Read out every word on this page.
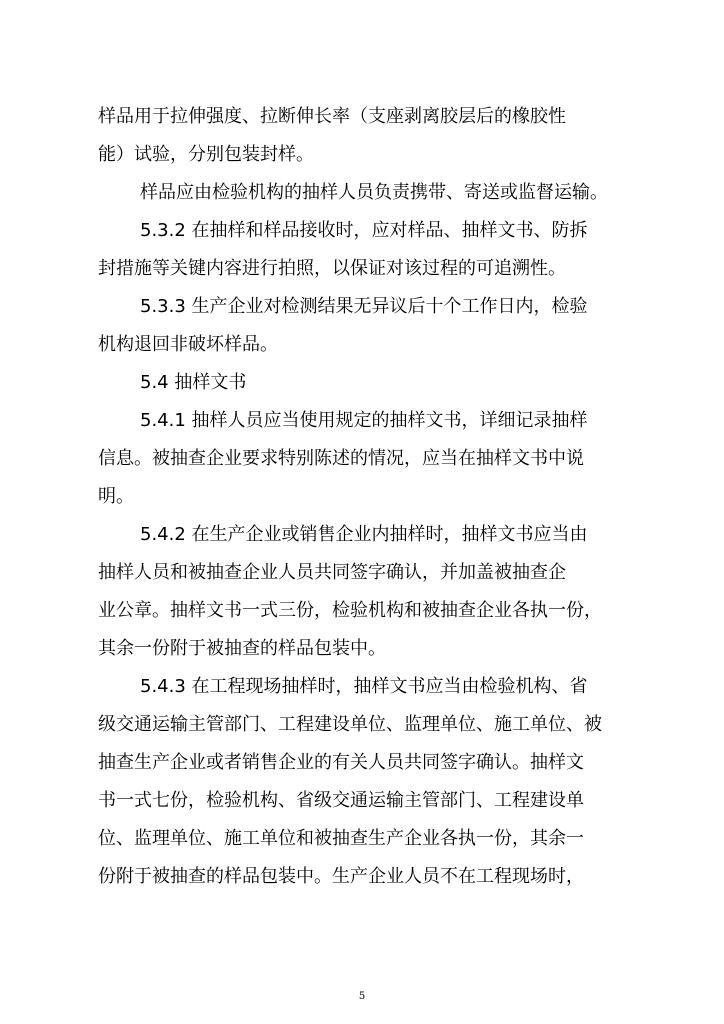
样品用于拉伸强度、拉断伸长率（支座剥离胶层后的橡胶性
能）试验，分别包装封样。
样品应由检验机构的抽样人员负责携带、寄送或监督运输。
5.3.2 在抽样和样品接收时，应对样品、抽样文书、防拆
封措施等关键内容进行拍照，以保证对该过程的可追溯性。
5.3.3 生产企业对检测结果无异议后十个工作日内，检验
机构退回非破坏样品。
5.4 抽样文书
5.4.1 抽样人员应当使用规定的抽样文书，详细记录抽样
信息。被抽查企业要求特别陈述的情况，应当在抽样文书中说
明。
5.4.2 在生产企业或销售企业内抽样时，抽样文书应当由
抽样人员和被抽查企业人员共同签字确认，并加盖被抽查企
业公章。抽样文书一式三份，检验机构和被抽查企业各执一份，
其余一份附于被抽查的样品包装中。
5.4.3 在工程现场抽样时，抽样文书应当由检验机构、省
级交通运输主管部门、工程建设单位、监理单位、施工单位、被
抽查生产企业或者销售企业的有关人员共同签字确认。抽样文
书一式七份，检验机构、省级交通运输主管部门、工程建设单
位、监理单位、施工单位和被抽查生产企业各执一份，其余一
份附于被抽查的样品包装中。生产企业人员不在工程现场时，
5
